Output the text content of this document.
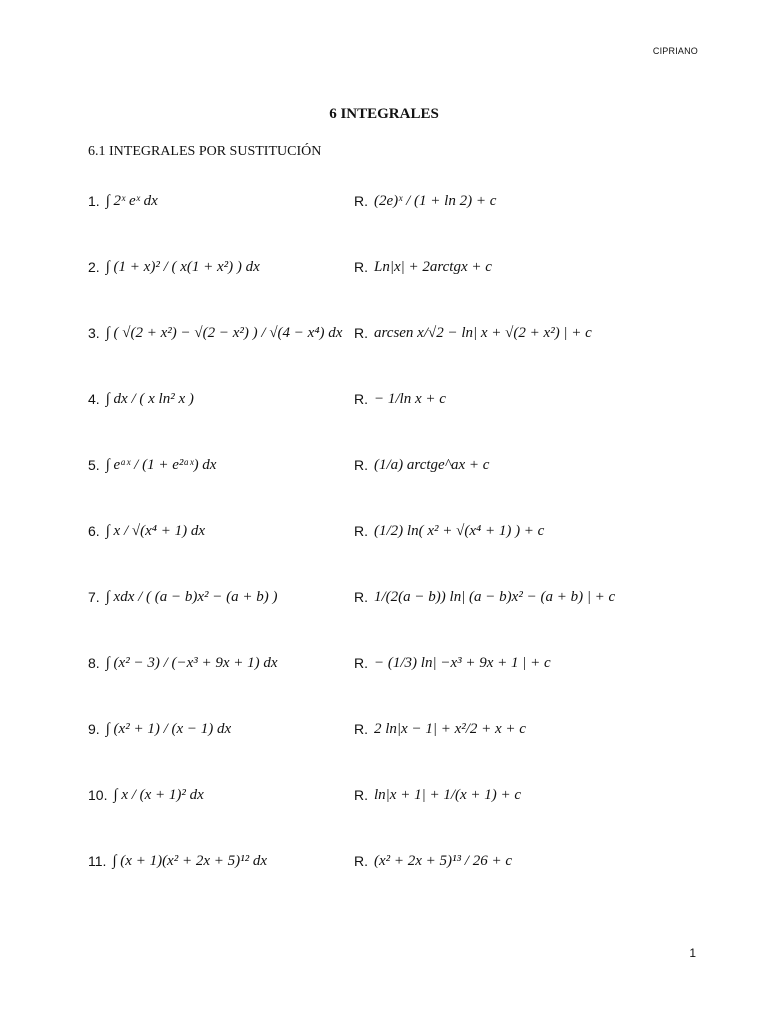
CIPRIANO
6 INTEGRALES
6.1 INTEGRALES POR SUSTITUCIÓN
1. ∫ 2ˣ eˣ dx	R. (2e)ˣ / (1 + ln 2) + c
2. ∫ (1 + x)² / ( x(1 + x²) ) dx	R. Ln|x| + 2arctgx + c
3. ∫ ( √(2 + x²) − √(2 − x²) ) / √(4 − x⁴) dx R. arcsen x/√2 − ln| x + √(2 + x²) | + c
4. ∫ dx / ( x ln² x )	R. − 1/ln x + c
5. ∫ eᵃˣ / (1 + e²ᵃˣ) dx	R. (1/a) arctge^ax + c
6. ∫ x / √(x⁴ + 1) dx	R. (1/2) ln( x² + √(x⁴ + 1) ) + c
7. ∫ xdx / ( (a − b)x² − (a + b) )	R. 1/(2(a − b)) ln| (a − b)x² − (a + b) | + c
8. ∫ (x² − 3) / (−x³ + 9x + 1) dx	R. − (1/3) ln| −x³ + 9x + 1 | + c
9. ∫ (x² + 1) / (x − 1) dx	R. 2 ln|x − 1| + x²/2 + x + c
10. ∫ x / (x + 1)² dx	R. ln|x + 1| + 1/(x + 1) + c
11. ∫ (x + 1)(x² + 2x + 5)¹² dx	R. (x² + 2x + 5)¹³ / 26 + c
1
